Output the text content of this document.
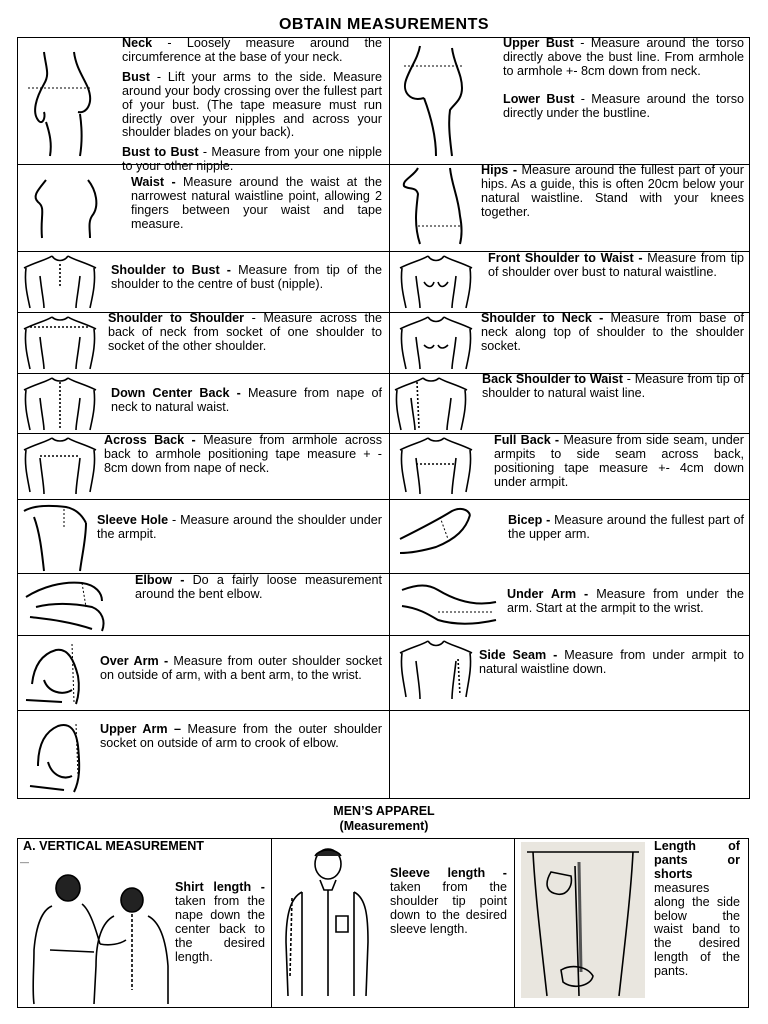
OBTAIN MEASUREMENTS

Neck - Loosely measure around the circumference at the base of your neck.

Bust - Lift your arms to the side. Measure around your body crossing over the fullest part of your bust. (The tape measure must run directly over your nipples and across your shoulder blades on your back).

Bust to Bust - Measure from your one nipple to your other nipple.

Upper Bust - Measure around the torso directly above the bust line. From armhole to armhole +- 8cm down from neck.

Lower Bust - Measure around the torso directly under the bustline.

Waist - Measure around the waist at the narrowest natural waistline point, allowing 2 fingers between your waist and tape measure.

Hips - Measure around the fullest part of your hips. As a guide, this is often 20cm below your natural waistline. Stand with your knees together.

Shoulder to Bust - Measure from tip of the shoulder to the centre of bust (nipple).

Front Shoulder to Waist - Measure from tip of shoulder over bust to natural waistline.

Shoulder to Shoulder - Measure across the back of neck from socket of one shoulder to socket of the other shoulder.

Shoulder to Neck - Measure from base of neck along top of shoulder to the shoulder socket.

Down Center Back - Measure from nape of neck to natural waist.

Back Shoulder to Waist - Measure from tip of shoulder to natural waist line.

Across Back - Measure from armhole across back to armhole positioning tape measure + - 8cm down from nape of neck.

Full Back - Measure from side seam, under armpits to side seam across back, positioning tape measure +- 4cm down under armpit.

Sleeve Hole - Measure around the shoulder under the armpit.

Bicep - Measure around the fullest part of the upper arm.

Elbow - Do a fairly loose measurement around the bent elbow.	Under Arm - Measure from under the arm. Start at the armpit to the wrist.

Over Arm - Measure from outer shoulder socket on outside of arm, with a bent arm, to the wrist.

Side Seam - Measure from under armpit to natural waistline down.

Upper Arm – Measure from the outer shoulder socket on outside of arm to crook of elbow.

MEN’S APPAREL
(Measurement)
A. VERTICAL MEASUREMENT
—
Shirt length - taken from the nape down the center back to the desired length.
Sleeve length - taken from the shoulder tip point down to the desired sleeve length.
Length of pants or shorts measures along the side below the waist band to the desired length of the pants.
